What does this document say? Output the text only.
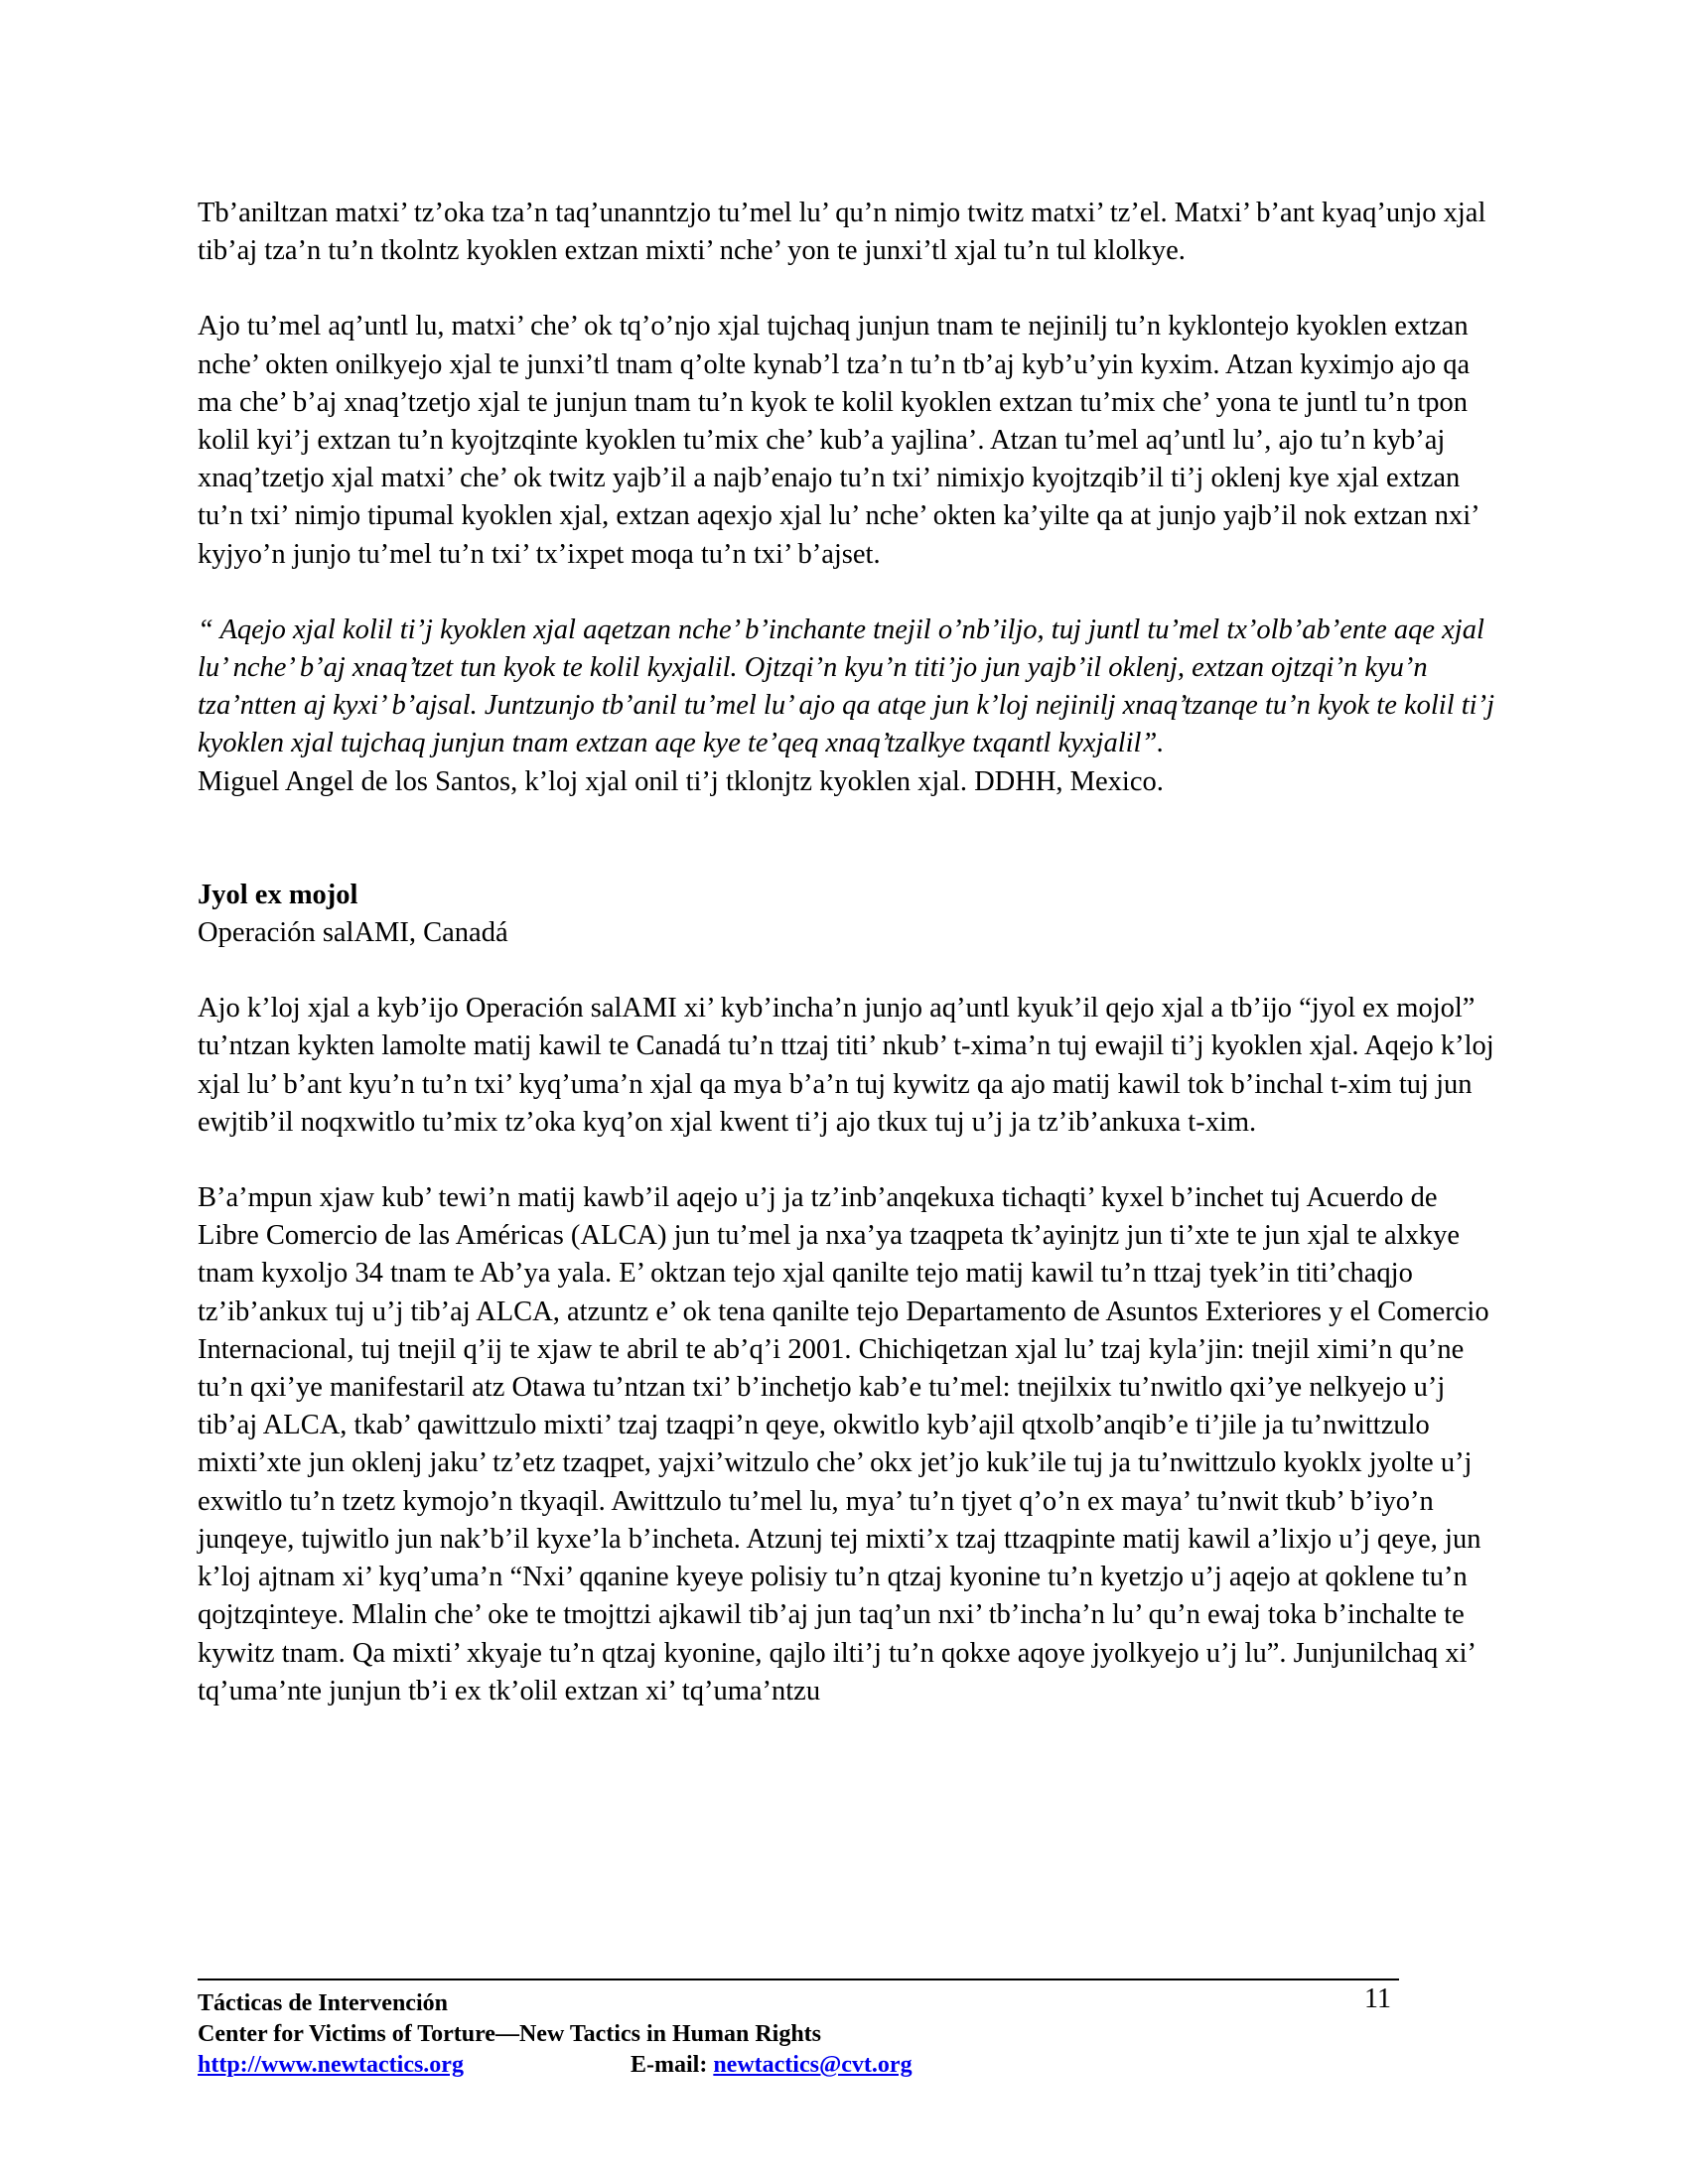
Tb’aniltzan matxi’ tz’oka tza’n taq’unanntzjo tu’mel lu’ qu’n nimjo twitz matxi’ tz’el. Matxi’ b’ant kyaq’unjo xjal tib’aj tza’n tu’n tkolntz kyoklen extzan mixti’ nche’ yon te junxi’tl xjal tu’n tul klolkye.

Ajo tu’mel aq’untl lu, matxi’ che’ ok tq’o’njo xjal tujchaq junjun tnam te nejinilj tu’n kyklontejo kyoklen extzan nche’ okten onilkyejo xjal te junxi’tl tnam q’olte kynab’l tza’n tu’n tb’aj kyb’u’yin kyxim. Atzan kyximjo ajo qa ma che’ b’aj xnaq’tzetjo xjal te junjun tnam tu’n kyok te kolil kyoklen extzan tu’mix che’ yona te juntl tu’n tpon kolil kyi’j extzan tu’n kyojtzqinte kyoklen tu’mix che’ kub’a yajlina’. Atzan tu’mel aq’untl lu’, ajo tu’n kyb’aj xnaq’tzetjo xjal matxi’ che’ ok twitz yajb’il a najb’enajo tu’n txi’ nimixjo kyojtzqib’il ti’j oklenj kye xjal extzan tu’n txi’ nimjo tipumal kyoklen xjal, extzan aqexjo xjal lu’ nche’ okten ka’yilte qa at junjo yajb’il nok extzan nxi’ kyjyo’n junjo tu’mel tu’n txi’ tx’ixpet moqa tu’n txi’ b’ajset.

“ Aqejo xjal kolil ti’j kyoklen xjal aqetzan nche’ b’inchante tnejil o’nb’iljo, tuj juntl tu’mel tx’olb’ab’ente aqe xjal lu’ nche’ b’aj xnaq’tzet tun kyok te kolil kyxjalil. Ojtzqi’n kyu’n titi’jo jun yajb’il oklenj, extzan ojtzqi’n kyu’n tza’ntten aj kyxi’ b’ajsal. Juntzunjo tb’anil tu’mel lu’ ajo qa atqe jun k’loj nejinilj xnaq’tzanqe tu’n kyok te kolil ti’j kyoklen xjal tujchaq junjun tnam extzan aqe kye te’qeq xnaq’tzalkye txqantl kyxjalil”.

Miguel Angel de los Santos, k’loj xjal onil ti’j tklonjtz kyoklen xjal. DDHH, Mexico.

Jyol ex mojol

Operación salAMI, Canadá

Ajo k’loj xjal a kyb’ijo Operación salAMI xi’ kyb’incha’n junjo aq’untl kyuk’il qejo xjal a tb’ijo “jyol ex mojol” tu’ntzan kykten lamolte matij kawil te Canadá tu’n ttzaj titi’ nkub’ t-xima’n tuj ewajil ti’j kyoklen xjal. Aqejo k’loj xjal lu’ b’ant kyu’n tu’n txi’ kyq’uma’n xjal qa mya b’a’n tuj kywitz qa ajo matij kawil tok b’inchal t-xim tuj jun ewjtib’il noqxwitlo tu’mix tz’oka kyq’on xjal kwent ti’j ajo tkux tuj u’j ja tz’ib’ankuxa t-xim.

B’a’mpun xjaw kub’ tewi’n matij kawb’il aqejo u’j ja tz’inb’anqekuxa tichaqti’ kyxel b’inchet tuj Acuerdo de Libre Comercio de las Américas (ALCA) jun tu’mel ja nxa’ya tzaqpeta tk’ayinjtz jun ti’xte te jun xjal te alxkye tnam kyxoljo 34 tnam te Ab’ya yala. E’ oktzan tejo xjal qanilte tejo matij kawil tu’n ttzaj tyek’in titi’chaqjo tz’ib’ankux tuj u’j tib’aj ALCA, atzuntz e’ ok tena qanilte tejo Departamento de Asuntos Exteriores y el Comercio Internacional, tuj tnejil q’ij te xjaw te abril te ab’q’i 2001. Chichiqetzan xjal lu’ tzaj kyla’jin: tnejil ximi’n qu’ne tu’n qxi’ye manifestaril atz Otawa tu’ntzan txi’ b’inchetjo kab’e tu’mel: tnejilxix tu’nwitlo qxi’ye nelkyejo u’j tib’aj ALCA, tkab’ qawittzulo mixti’ tzaj tzaqpi’n qeye, okwitlo kyb’ajil qtxolb’anqib’e ti’jile ja tu’nwittzulo mixti’xte jun oklenj jaku’ tz’etz tzaqpet, yajxi’witzulo che’ okx jet’jo kuk’ile tuj ja tu’nwittzulo kyoklx jyolte u’j exwitlo tu’n tzetz kymojo’n tkyaqil. Awittzulo tu’mel lu, mya’ tu’n tjyet q’o’n ex maya’ tu’nwit tkub’ b’iyo’n junqeye, tujwitlo jun nak’b’il kyxe’la b’incheta. Atzunj tej mixti’x tzaj ttzaqpinte matij kawil a’lixjo u’j qeye, jun k’loj ajtnam xi’ kyq’uma’n “Nxi’ qqanine kyeye polisiy tu’n qtzaj kyonine tu’n kyetzjo u’j aqejo at qoklene tu’n qojtzqinteye. Mlalin che’ oke te tmojttzi ajkawil tib’aj jun taq’un nxi’ tb’incha’n lu’ qu’n ewaj toka b’inchalte te kywitz tnam. Qa mixti’ xkyaje tu’n qtzaj kyonine, qajlo ilti’j tu’n qokxe aqoye jyolkyejo u’j lu”. Junjunilchaq xi’ tq’uma’nte junjun tb’i ex tk’olil extzan xi’ tq’uma’ntzu

Tácticas de Intervención	11
Center for Victims of Torture—New Tactics in Human Rights
http://www.newtactics.org	E-mail: newtactics@cvt.org
